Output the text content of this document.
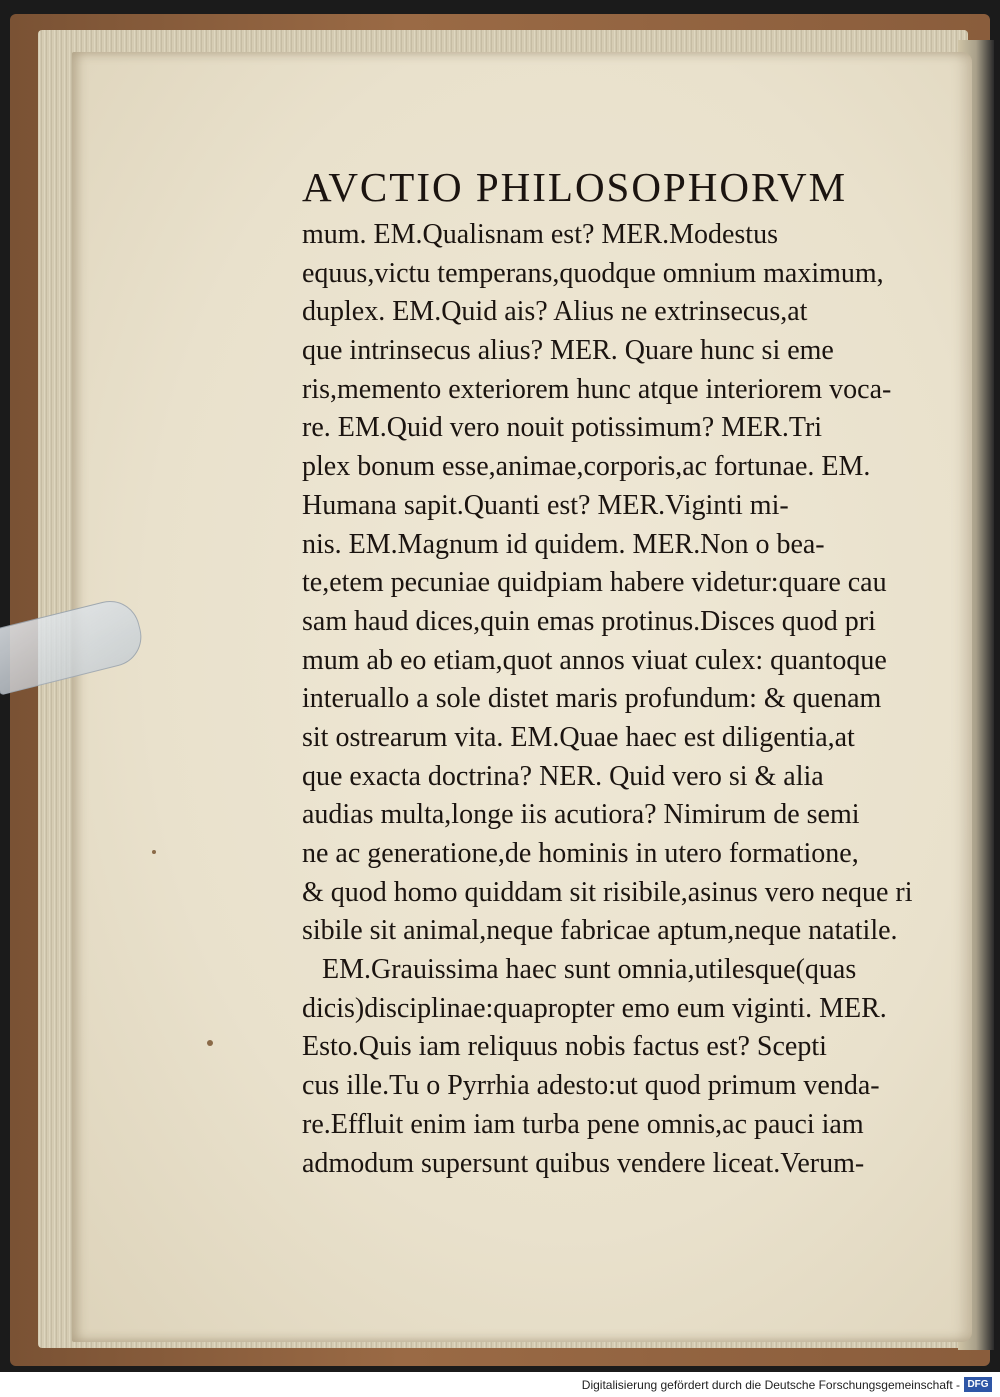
AVCTIO PHILOSOPHORVM
mum. EM.Qualisnam est? MER.Modestus
equus,victu temperans,quodque omnium maximum,
duplex. EM.Quid ais? Alius ne extrinsecus,at
que intrinsecus alius? MER. Quare hunc si eme
ris,memento exteriorem hunc atque interiorem voca-
re. EM.Quid vero nouit potissimum? MER.Tri
plex bonum esse,animae,corporis,ac fortunae. EM.
Humana sapit.Quanti est? MER.Viginti mi-
nis. EM.Magnum id quidem. MER.Non o bea-
te,etem pecuniae quidpiam habere videtur:quare cau
sam haud dices,quin emas protinus.Disces quod pri
mum ab eo etiam,quot annos viuat culex: quantoque
interuallo a sole distet maris profundum: & quenam
sit ostrearum vita. EM.Quae haec est diligentia,at
que exacta doctrina? NER. Quid vero si & alia
audias multa,longe iis acutiora? Nimirum de semi
ne ac generatione,de hominis in utero formatione,
& quod homo quiddam sit risibile,asinus vero neque ri
sibile sit animal,neque fabricae aptum,neque natatile.
EM.Grauissima haec sunt omnia,utilesque(quas
dicis)disciplinae:quapropter emo eum viginti. MER.
Esto.Quis iam reliquus nobis factus est? Scepti
cus ille.Tu o Pyrrhia adesto:ut quod primum venda-
re.Effluit enim iam turba pene omnis,ac pauci iam
admodum supersunt quibus vendere liceat.Verum-
Digitalisierung gefördert durch die Deutsche Forschungsgemeinschaft - DFG
